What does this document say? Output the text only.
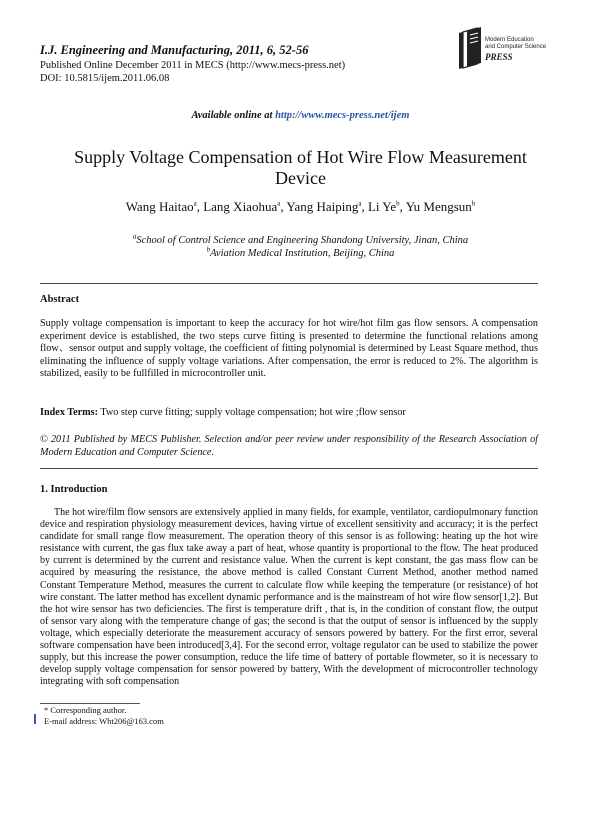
I.J. Engineering and Manufacturing, 2011, 6, 52-56
Published Online December 2011 in MECS (http://www.mecs-press.net)
DOI: 10.5815/ijem.2011.06.08
Modern Education
and Computer Science
PRESS
Available online at http://www.mecs-press.net/ijem
Supply Voltage Compensation of Hot Wire Flow Measurement
Device
Wang Haitao$^a$, Lang Xiaohua$^a$, Yang Haiping$^a$, Li Ye$^b$, Yu Mengsun$^b$
$^a$School of Control Science and Engineering Shandong University, Jinan, China
$^b$Aviation Medical Institution, Beijing, China
Abstract

Supply voltage compensation is important to keep the accuracy for hot wire/hot film gas flow sensors. A compensation experiment device is established, the two steps curve fitting is presented to determine the functional relations among flow、sensor output and supply voltage, the coefficient of fitting polynomial is determined by Least Square method, thus eliminating the influence of supply voltage variations. After compensation, the error is reduced to 2%. The algorithm is stabilized, easily to be fullfilled in microcontroller unit.

Index Terms: Two step curve fitting; supply voltage compensation; hot wire ;flow sensor
© 2011 Published by MECS Publisher. Selection and/or peer review under responsibility of the Research Association of Modern Education and Computer Science.
1. Introduction

The hot wire/film flow sensors are extensively applied in many fields, for example, ventilator, cardiopulmonary function device and respiration physiology measurement devices, having virtue of excellent sensitivity and accuracy; it is the perfect candidate for small range flow measurement. The operation theory of this sensor is as following: heating up the hot wire resistance with current, the gas flux take away a part of heat, whose quantity is proportional to the flow. The heat produced by current is determined by the current and resistance value. When the current is kept constant, the gas mass flow can be acquired by measuring the resistance, the above method is called Constant Current Method, another method named Constant Temperature Method, measures the current to calculate flow while keeping the temperature (or resistance) of hot wire constant. The latter method has excellent dynamic performance and is the mainstream of hot wire flow sensor[1,2]. But the hot wire sensor has two deficiencies. The first is temperature drift , that is, in the condition of constant flow, the output of sensor vary along with the temperature change of gas; the second is that the output of sensor is influenced by the supply voltage, which especially deteriorate the measurement accuracy of sensors powered by battery. For the first error, several software compensation have been introduced[3,4]. For the second error, voltage regulator can be used to stabilize the power supply, but this increase the power consumption, reduce the life time of battery of portable flowmeter, so it is necessary to develop supply voltage compensation for sensor powered by battery, With the development of microcontroller technology integrating with soft compensation

* Corresponding author.
E-mail address: Wht206@163.com
